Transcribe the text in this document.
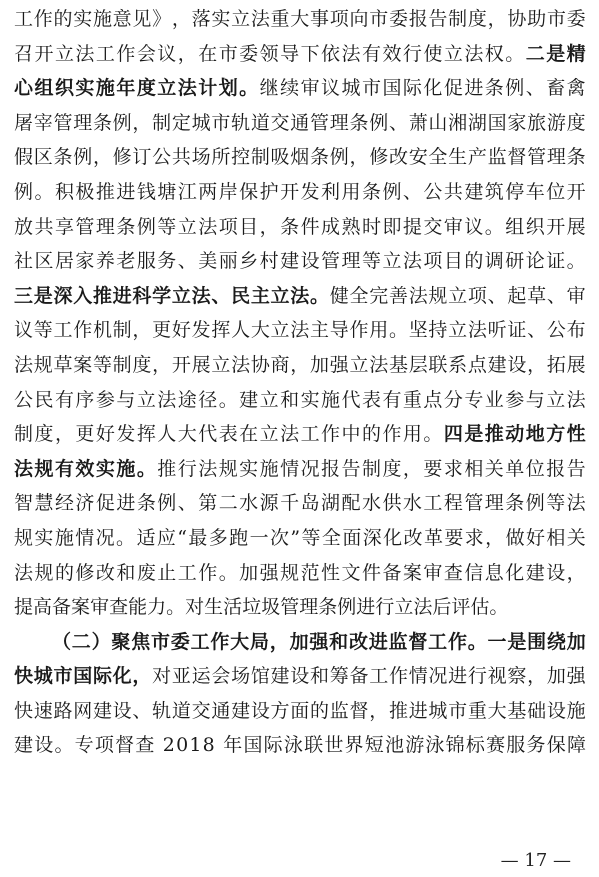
工 作 的 实 施 意 见 》 ， 落 实 立 法 重 大 事 项 向 市 委 报 告 制 度 ， 协 助 市 委
召 开 立 法 工 作 会 议 ， 在 市 委 领 导 下 依 法 有 效 行 使 立 法 权 。 二 是 精
心 组 织 实 施 年 度 立 法 计 划 。 继 续 审 议 城 市 国 际 化 促 进 条 例 、 畜 禽
屠 宰 管 理 条 例 ， 制 定 城 市 轨 道 交 通 管 理 条 例 、 萧 山 湘 湖 国 家 旅 游 度
假 区 条 例 ， 修 订 公 共 场 所 控 制 吸 烟 条 例 ， 修 改 安 全 生 产 监 督 管 理 条
例 。 积 极 推 进 钱 塘 江 两 岸 保 护 开 发 利 用 条 例 、 公 共 建 筑 停 车 位 开
放 共 享 管 理 条 例 等 立 法 项 目 ， 条 件 成 熟 时 即 提 交 审 议 。 组 织 开 展
社 区 居 家 养 老 服 务 、 美 丽 乡 村 建 设 管 理 等 立 法 项 目 的 调 研 论 证 。
三 是 深 入 推 进 科 学 立 法 、 民 主 立 法 。 健 全 完 善 法 规 立 项 、 起 草 、 审
议 等 工 作 机 制 ， 更 好 发 挥 人 大 立 法 主 导 作 用 。 坚 持 立 法 听 证 、 公 布
法 规 草 案 等 制 度 ， 开 展 立 法 协 商 ， 加 强 立 法 基 层 联 系 点 建 设 ， 拓 展
公 民 有 序 参 与 立 法 途 径 。 建 立 和 实 施 代 表 有 重 点 分 专 业 参 与 立 法
制 度 ， 更 好 发 挥 人 大 代 表 在 立 法 工 作 中 的 作 用 。 四 是 推 动 地 方 性
法 规 有 效 实 施 。 推 行 法 规 实 施 情 况 报 告 制 度 ， 要 求 相 关 单 位 报 告
智 慧 经 济 促 进 条 例 、 第 二 水 源 千 岛 湖 配 水 供 水 工 程 管 理 条 例 等 法
规 实 施 情 况 。 适 应 “ 最 多 跑 一 次 ” 等 全 面 深 化 改 革 要 求 ， 做 好 相 关
法 规 的 修 改 和 废 止 工 作 。 加 强 规 范 性 文 件 备 案 审 查 信 息 化 建 设 ，
提 高 备 案 审 查 能 力 。 对 生 活 垃 圾 管 理 条 例 进 行 立 法 后 评 估 。
（ 二 ） 聚 焦 市 委 工 作 大 局 ， 加 强 和 改 进 监 督 工 作 。 一 是 围 绕 加
快 城 市 国 际 化 ， 对 亚 运 会 场 馆 建 设 和 筹 备 工 作 情 况 进 行 视 察 ， 加 强
快 速 路 网 建 设 、 轨 道 交 通 建 设 方 面 的 监 督 ， 推 进 城 市 重 大 基 础 设 施
建 设 。 专 项 督 查
2 0 1 8
年 国 际 泳 联 世 界 短 池 游 泳 锦 标 赛 服 务 保 障
— 17 —
